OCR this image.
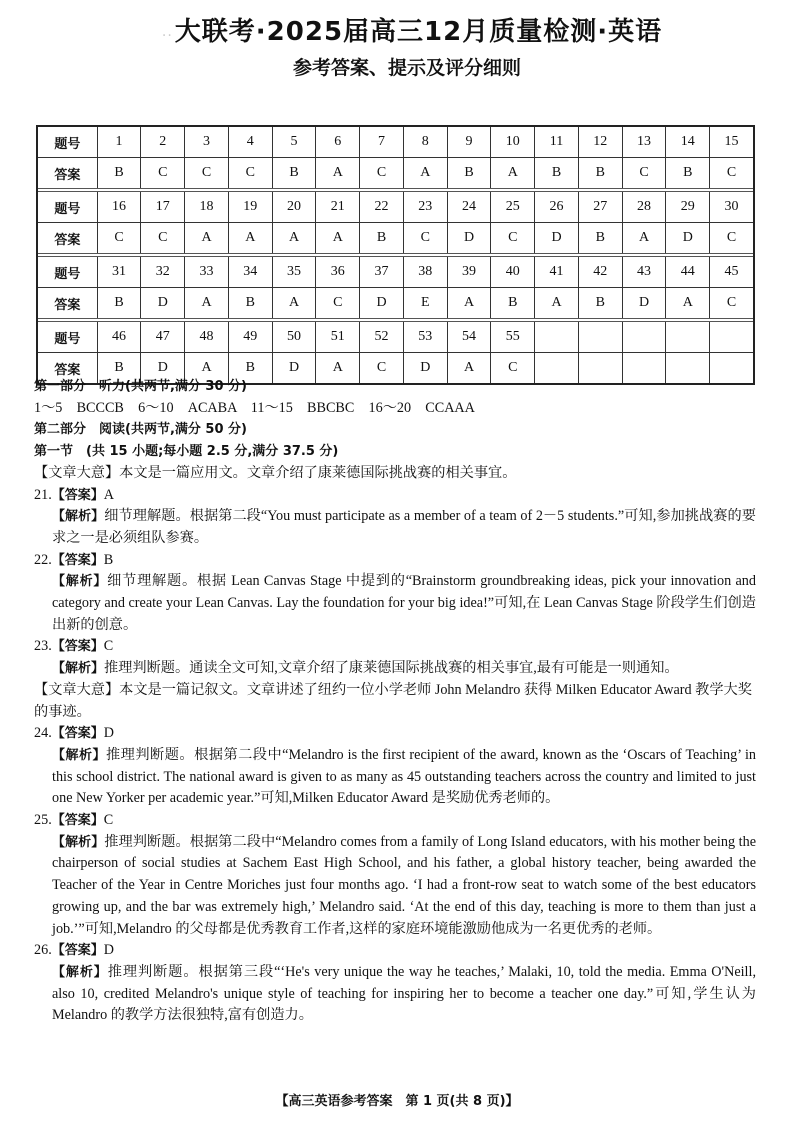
··大联考·2025届高三12月质量检测·英语
参考答案、提示及评分细则
题号	1	2	3	4	5	6	7	8	9	10	11	12	13	14	15
答案	B	C	C	C	B	A	C	A	B	A	B	B	C	B	C
题号	16	17	18	19	20	21	22	23	24	25	26	27	28	29	30
答案	C	C	A	A	A	A	B	C	D	C	D	B	A	D	C
题号	31	32	33	34	35	36	37	38	39	40	41	42	43	44	45
答案	B	D	A	B	A	C	D	E	A	B	A	B	D	A	C
题号	46	47	48	49	50	51	52	53	54	55
答案	B	D	A	B	D	A	C	D	A	C
第一部分　听力(共两节,满分 30 分)
1～5　BCCCB　6～10　ACABA　11～15　BBCBC　16～20　CCAAA
第二部分　阅读(共两节,满分 50 分)
第一节　(共 15 小题;每小题 2.5 分,满分 37.5 分)
【文章大意】本文是一篇应用文。文章介绍了康莱德国际挑战赛的相关事宜。
21.【答案】A
【解析】细节理解题。根据第二段“You must participate as a member of a team of 2－5 students.”可知,参加挑战赛的要求之一是必须组队参赛。
22.【答案】B
【解析】细节理解题。根据 Lean Canvas Stage 中提到的“Brainstorm groundbreaking ideas, pick your innovation and category and create your Lean Canvas. Lay the foundation for your big idea!”可知,在 Lean Canvas Stage 阶段学生们创造出新的创意。
23.【答案】C
【解析】推理判断题。通读全文可知,文章介绍了康莱德国际挑战赛的相关事宜,最有可能是一则通知。
【文章大意】本文是一篇记叙文。文章讲述了纽约一位小学老师 John Melandro 获得 Milken Educator Award 教学大奖的事迹。
24.【答案】D
【解析】推理判断题。根据第二段中“Melandro is the first recipient of the award, known as the ‘Oscars of Teaching’ in this school district. The national award is given to as many as 45 outstanding teachers across the country and limited to just one New Yorker per academic year.”可知,Milken Educator Award 是奖励优秀老师的。
25.【答案】C
【解析】推理判断题。根据第二段中“Melandro comes from a family of Long Island educators, with his mother being the chairperson of social studies at Sachem East High School, and his father, a global history teacher, being awarded the Teacher of the Year in Centre Moriches just four months ago. ‘I had a front-row seat to watch some of the best educators growing up, and the bar was extremely high,’ Melandro said. ‘At the end of this day, teaching is more to them than just a job.’”可知,Melandro 的父母都是优秀教育工作者,这样的家庭环境能激励他成为一名更优秀的老师。
26.【答案】D
【解析】推理判断题。根据第三段“‘He's very unique the way he teaches,’ Malaki, 10, told the media. Emma O'Neill, also 10, credited Melandro's unique style of teaching for inspiring her to become a teacher one day.”可知,学生认为 Melandro 的教学方法很独特,富有创造力。
【高三英语参考答案　第 1 页(共 8 页)】
